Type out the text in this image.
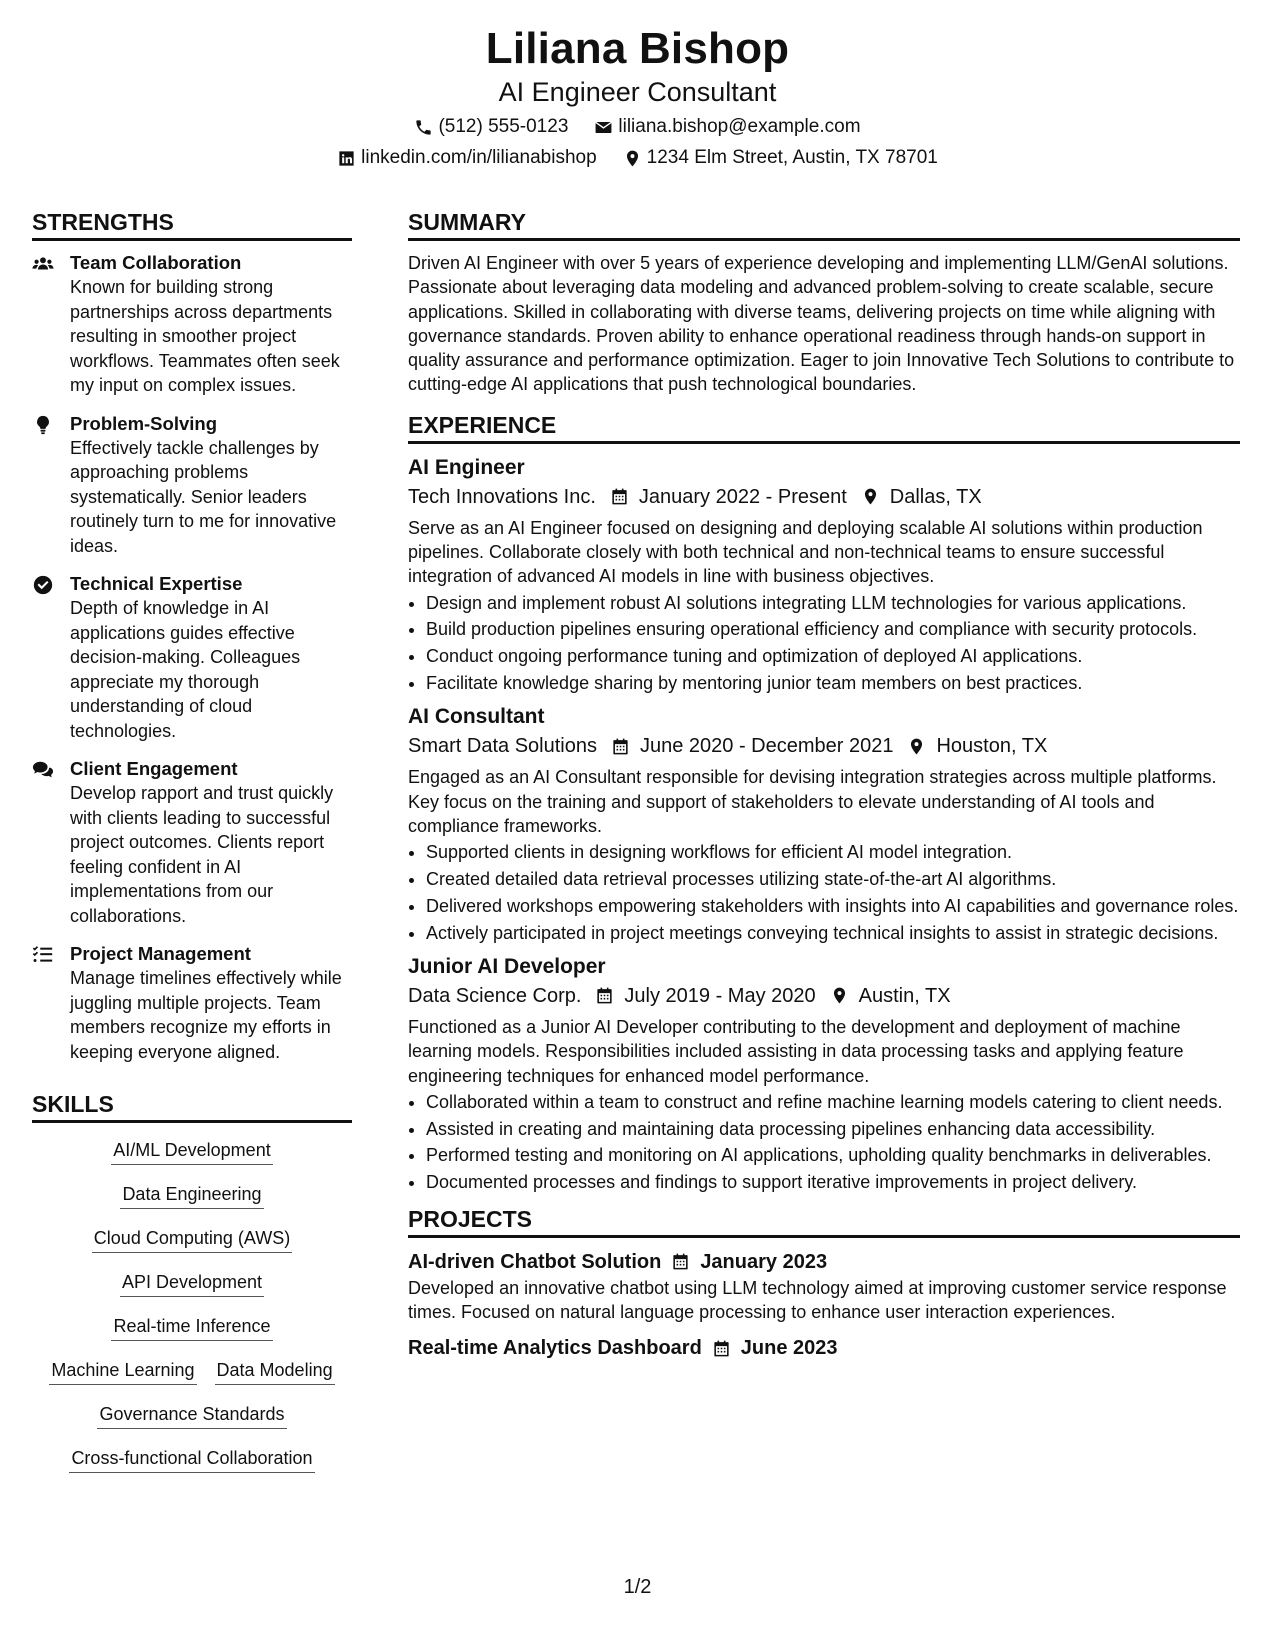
Liliana Bishop
AI Engineer Consultant
(512) 555-0123	liliana.bishop@example.com
linkedin.com/in/lilianabishop	1234 Elm Street, Austin, TX 78701
STRENGTHS
Team Collaboration
Known for building strong partnerships across departments resulting in smoother project workflows. Teammates often seek my input on complex issues.
Problem-Solving
Effectively tackle challenges by approaching problems systematically. Senior leaders routinely turn to me for innovative ideas.
Technical Expertise
Depth of knowledge in AI applications guides effective decision-making. Colleagues appreciate my thorough understanding of cloud technologies.
Client Engagement
Develop rapport and trust quickly with clients leading to successful project outcomes. Clients report feeling confident in AI implementations from our collaborations.
Project Management
Manage timelines effectively while juggling multiple projects. Team members recognize my efforts in keeping everyone aligned.
SKILLS
AI/ML Development
Data Engineering
Cloud Computing (AWS)
API Development
Real-time Inference
Machine Learning Data Modeling
Governance Standards
Cross-functional Collaboration
SUMMARY
Driven AI Engineer with over 5 years of experience developing and implementing LLM/GenAI solutions. Passionate about leveraging data modeling and advanced problem-solving to create scalable, secure applications. Skilled in collaborating with diverse teams, delivering projects on time while aligning with governance standards. Proven ability to enhance operational readiness through hands-on support in quality assurance and performance optimization. Eager to join Innovative Tech Solutions to contribute to cutting-edge AI applications that push technological boundaries.
EXPERIENCE
AI Engineer
Tech Innovations Inc. January 2022 - Present Dallas, TX
Serve as an AI Engineer focused on designing and deploying scalable AI solutions within production pipelines. Collaborate closely with both technical and non-technical teams to ensure successful integration of advanced AI models in line with business objectives.
• Design and implement robust AI solutions integrating LLM technologies for various applications.
• Build production pipelines ensuring operational efficiency and compliance with security protocols.
• Conduct ongoing performance tuning and optimization of deployed AI applications.
• Facilitate knowledge sharing by mentoring junior team members on best practices.
AI Consultant
Smart Data Solutions June 2020 - December 2021 Houston, TX
Engaged as an AI Consultant responsible for devising integration strategies across multiple platforms. Key focus on the training and support of stakeholders to elevate understanding of AI tools and compliance frameworks.
• Supported clients in designing workflows for efficient AI model integration.
• Created detailed data retrieval processes utilizing state-of-the-art AI algorithms.
• Delivered workshops empowering stakeholders with insights into AI capabilities and governance roles.
• Actively participated in project meetings conveying technical insights to assist in strategic decisions.
Junior AI Developer
Data Science Corp. July 2019 - May 2020 Austin, TX
Functioned as a Junior AI Developer contributing to the development and deployment of machine learning models. Responsibilities included assisting in data processing tasks and applying feature engineering techniques for enhanced model performance.
• Collaborated within a team to construct and refine machine learning models catering to client needs.
• Assisted in creating and maintaining data processing pipelines enhancing data accessibility.
• Performed testing and monitoring on AI applications, upholding quality benchmarks in deliverables.
• Documented processes and findings to support iterative improvements in project delivery.
PROJECTS
AI-driven Chatbot Solution January 2023
Developed an innovative chatbot using LLM technology aimed at improving customer service response times. Focused on natural language processing to enhance user interaction experiences.
Real-time Analytics Dashboard June 2023
1/2
